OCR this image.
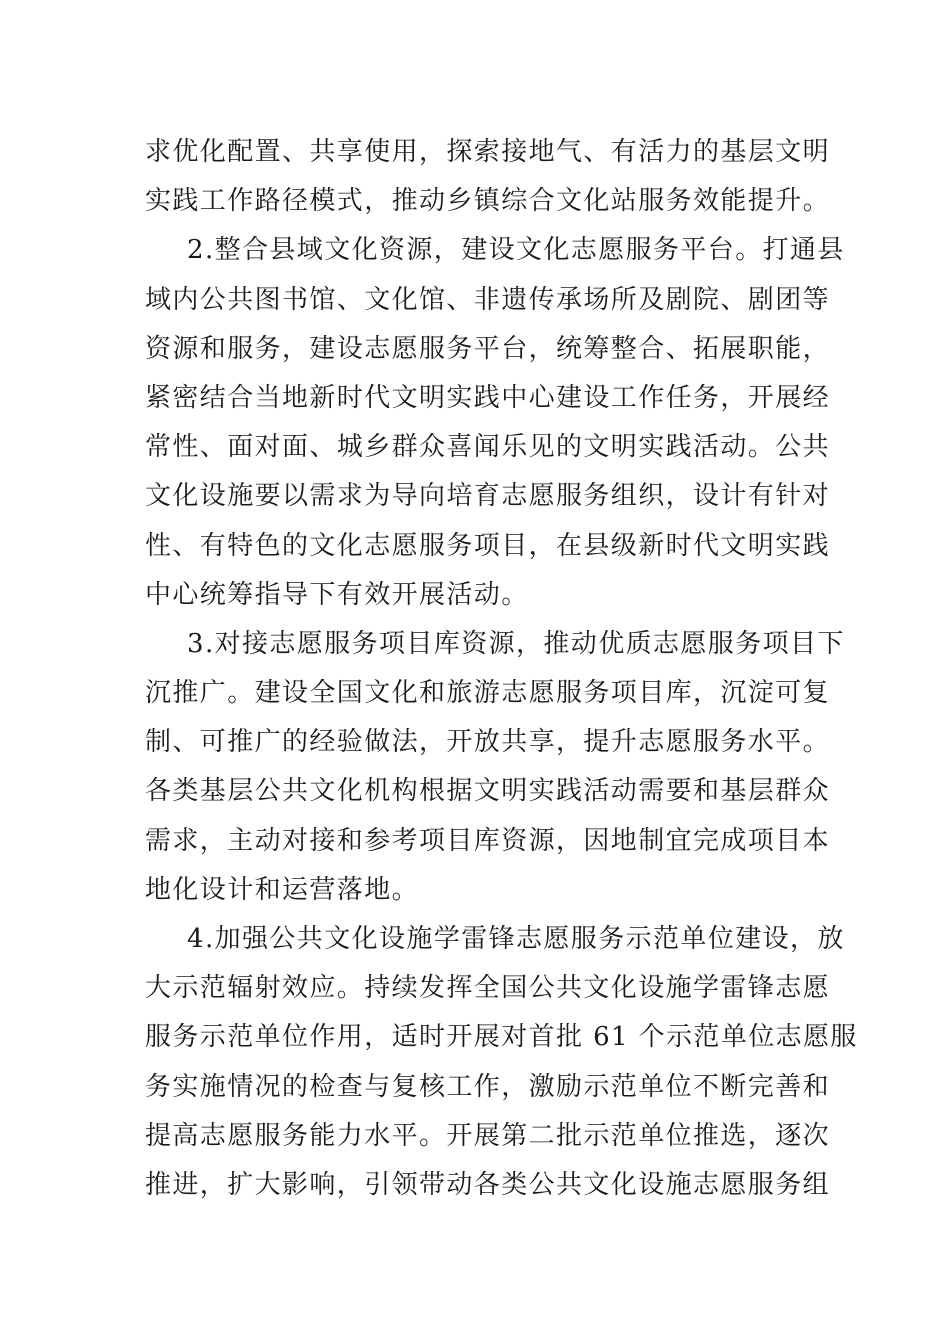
求优化配置、共享使用，探索接地气、有活力的基层文明
实践工作路径模式，推动乡镇综合文化站服务效能提升。
2.整合县域文化资源，建设文化志愿服务平台。打通县
域内公共图书馆、文化馆、非遗传承场所及剧院、剧团等
资源和服务，建设志愿服务平台，统筹整合、拓展职能，
紧密结合当地新时代文明实践中心建设工作任务，开展经
常性、面对面、城乡群众喜闻乐见的文明实践活动。公共
文化设施要以需求为导向培育志愿服务组织，设计有针对
性、有特色的文化志愿服务项目，在县级新时代文明实践
中心统筹指导下有效开展活动。
3.对接志愿服务项目库资源，推动优质志愿服务项目下
沉推广。建设全国文化和旅游志愿服务项目库，沉淀可复
制、可推广的经验做法，开放共享，提升志愿服务水平。
各类基层公共文化机构根据文明实践活动需要和基层群众
需求，主动对接和参考项目库资源，因地制宜完成项目本
地化设计和运营落地。
4.加强公共文化设施学雷锋志愿服务示范单位建设，放
大示范辐射效应。持续发挥全国公共文化设施学雷锋志愿
服务示范单位作用，适时开展对首批 61 个示范单位志愿服
务实施情况的检查与复核工作，激励示范单位不断完善和
提高志愿服务能力水平。开展第二批示范单位推选，逐次
推进，扩大影响，引领带动各类公共文化设施志愿服务组
